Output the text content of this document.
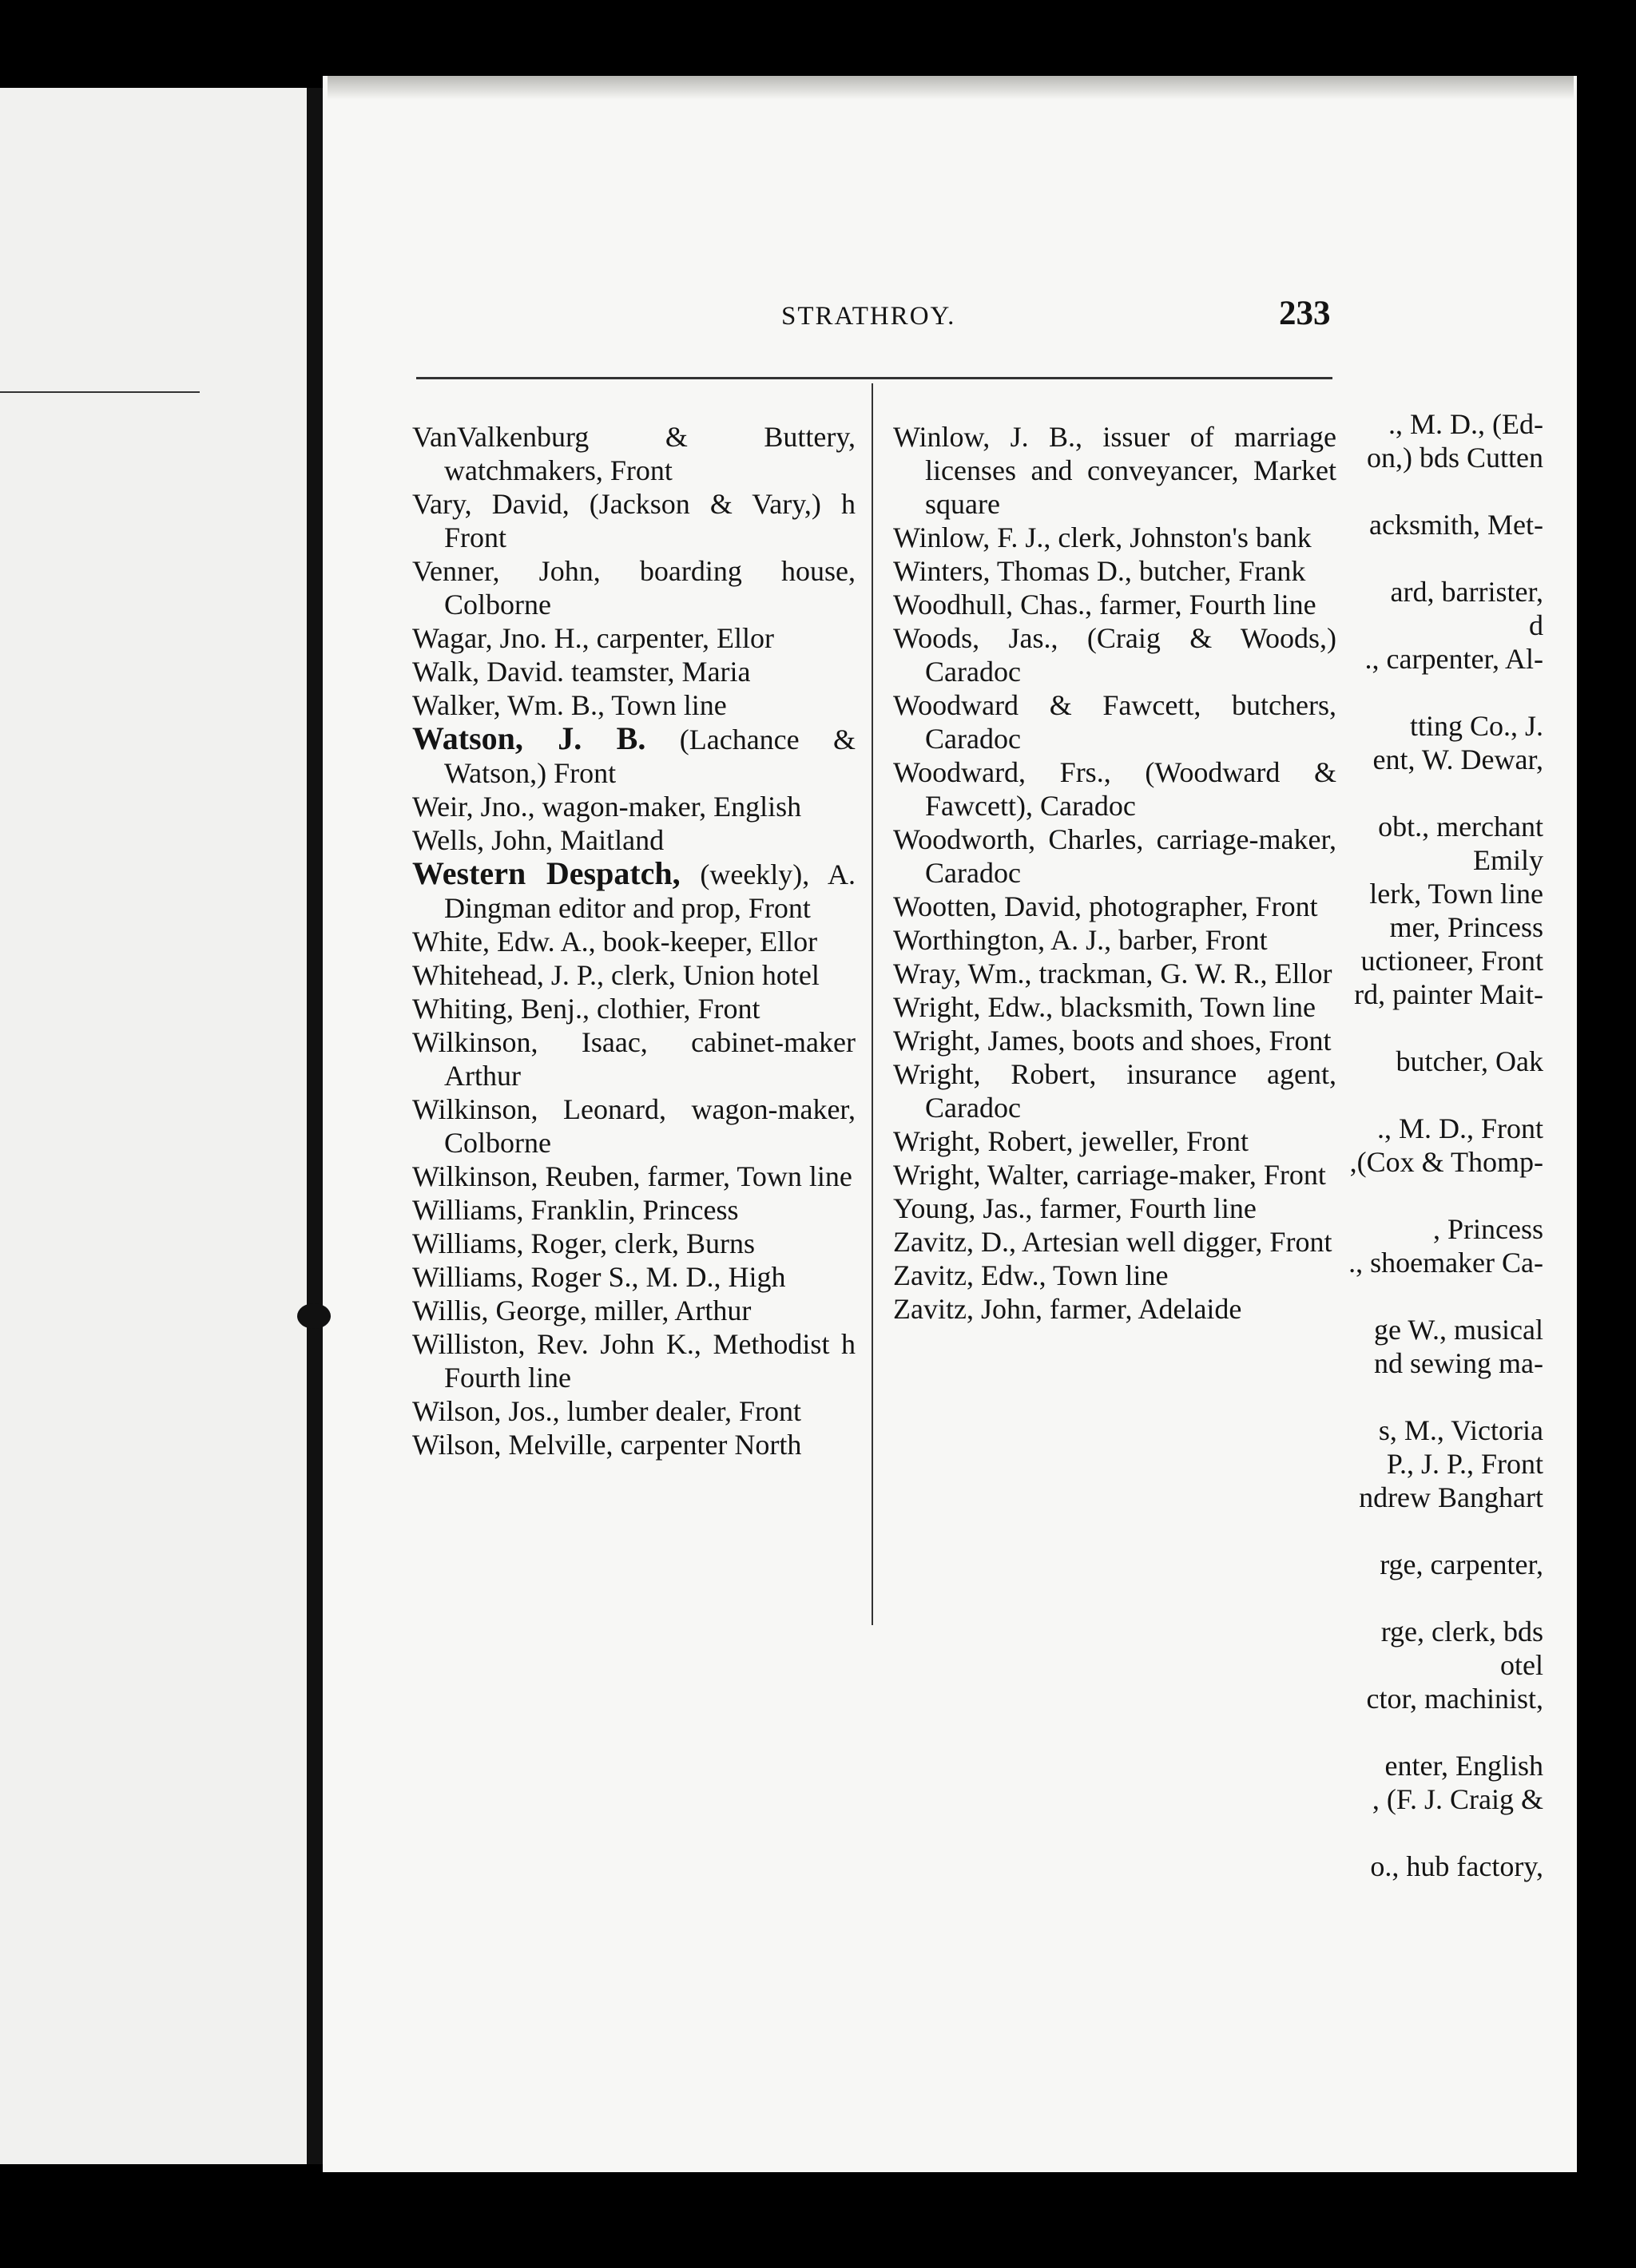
., M. D., (Ed-
on,) bds Cutten
acksmith, Met-
ard, barrister,
d
., carpenter, Al-
tting Co., J.
ent, W. Dewar,
obt., merchant
Emily
lerk, Town line
mer, Princess
uctioneer, Front
rd, painter Mait-
butcher, Oak
., M. D., Front
,(Cox & Thomp-
, Princess
., shoemaker Ca-
ge W., musical
nd sewing ma-
s, M., Victoria
P., J. P., Front
ndrew Banghart
rge, carpenter,
rge, clerk, bds
otel
ctor, machinist,
enter, English
, (F. J. Craig &
o., hub factory,
STRATHROY.	233
VanValkenburg & Buttery, watchmakers, Front
Vary, David, (Jackson & Vary,) h Front
Venner, John, boarding house, Colborne
Wagar, Jno. H., carpenter, Ellor
Walk, David. teamster, Maria
Walker, Wm. B., Town line
Watson, J. B. (Lachance & Watson,) Front
Weir, Jno., wagon-maker, English
Wells, John, Maitland
Western Despatch, (weekly), A. Dingman editor and prop, Front
White, Edw. A., book-keeper, Ellor
Whitehead, J. P., clerk, Union hotel
Whiting, Benj., clothier, Front
Wilkinson, Isaac, cabinet-maker Arthur
Wilkinson, Leonard, wagon-maker, Colborne
Wilkinson, Reuben, farmer, Town line
Williams, Franklin, Princess
Williams, Roger, clerk, Burns
Williams, Roger S., M. D., High
Willis, George, miller, Arthur
Williston, Rev. John K., Methodist h Fourth line
Wilson, Jos., lumber dealer, Front
Wilson, Melville, carpenter North
Winlow, J. B., issuer of marriage licenses and conveyancer, Market square
Winlow, F. J., clerk, Johnston's bank
Winters, Thomas D., butcher, Frank
Woodhull, Chas., farmer, Fourth line
Woods, Jas., (Craig & Woods,) Caradoc
Woodward & Fawcett, butchers, Caradoc
Woodward, Frs., (Woodward & Fawcett), Caradoc
Woodworth, Charles, carriage-maker, Caradoc
Wootten, David, photographer, Front
Worthington, A. J., barber, Front
Wray, Wm., trackman, G. W. R., Ellor
Wright, Edw., blacksmith, Town line
Wright, James, boots and shoes, Front
Wright, Robert, insurance agent, Caradoc
Wright, Robert, jeweller, Front
Wright, Walter, carriage-maker, Front
Young, Jas., farmer, Fourth line
Zavitz, D., Artesian well digger, Front
Zavitz, Edw., Town line
Zavitz, John, farmer, Adelaide
